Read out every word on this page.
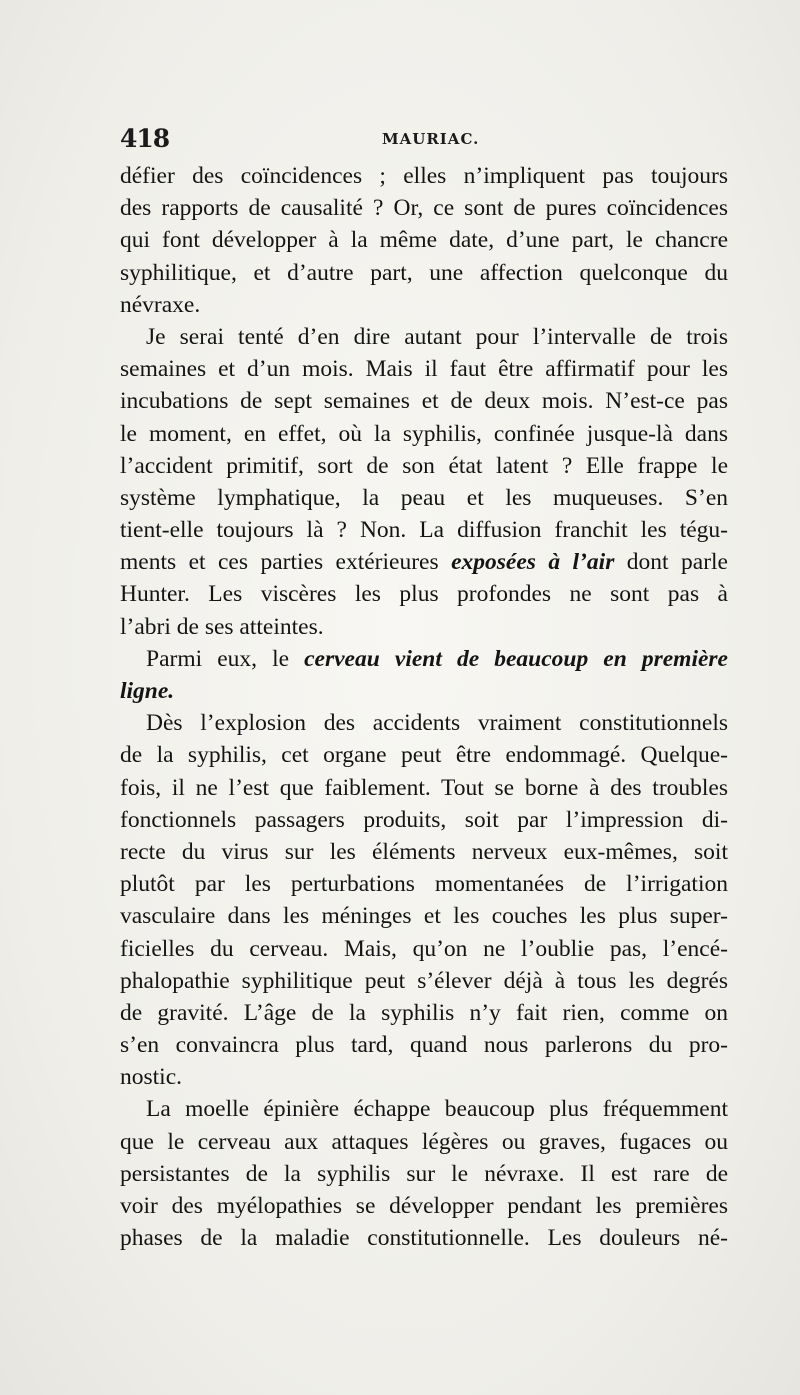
418	MAURIAC.
défier des coïncidences ; elles n’impliquent pas toujours
des rapports de causalité ? Or, ce sont de pures coïncidences
qui font développer à la même date, d’une part, le chancre
syphilitique, et d’autre part, une affection quelconque du
névraxe.
Je serai tenté d’en dire autant pour l’intervalle de trois
semaines et d’un mois. Mais il faut être affirmatif pour les
incubations de sept semaines et de deux mois. N’est-ce pas
le moment, en effet, où la syphilis, confinée jusque-là dans
l’accident primitif, sort de son état latent ? Elle frappe le
système lymphatique, la peau et les muqueuses. S’en
tient-elle toujours là ? Non. La diffusion franchit les tégu-
ments et ces parties extérieures exposées à l’air dont parle
Hunter. Les viscères les plus profondes ne sont pas à
l’abri de ses atteintes.
Parmi eux, le cerveau vient de beaucoup en première
ligne.
Dès l’explosion des accidents vraiment constitutionnels
de la syphilis, cet organe peut être endommagé. Quelque-
fois, il ne l’est que faiblement. Tout se borne à des troubles
fonctionnels passagers produits, soit par l’impression di-
recte du virus sur les éléments nerveux eux-mêmes, soit
plutôt par les perturbations momentanées de l’irrigation
vasculaire dans les méninges et les couches les plus super-
ficielles du cerveau. Mais, qu’on ne l’oublie pas, l’encé-
phalopathie syphilitique peut s’élever déjà à tous les degrés
de gravité. L’âge de la syphilis n’y fait rien, comme on
s’en convaincra plus tard, quand nous parlerons du pro-
nostic.
La moelle épinière échappe beaucoup plus fréquemment
que le cerveau aux attaques légères ou graves, fugaces ou
persistantes de la syphilis sur le névraxe. Il est rare de
voir des myélopathies se développer pendant les premières
phases de la maladie constitutionnelle. Les douleurs né-
